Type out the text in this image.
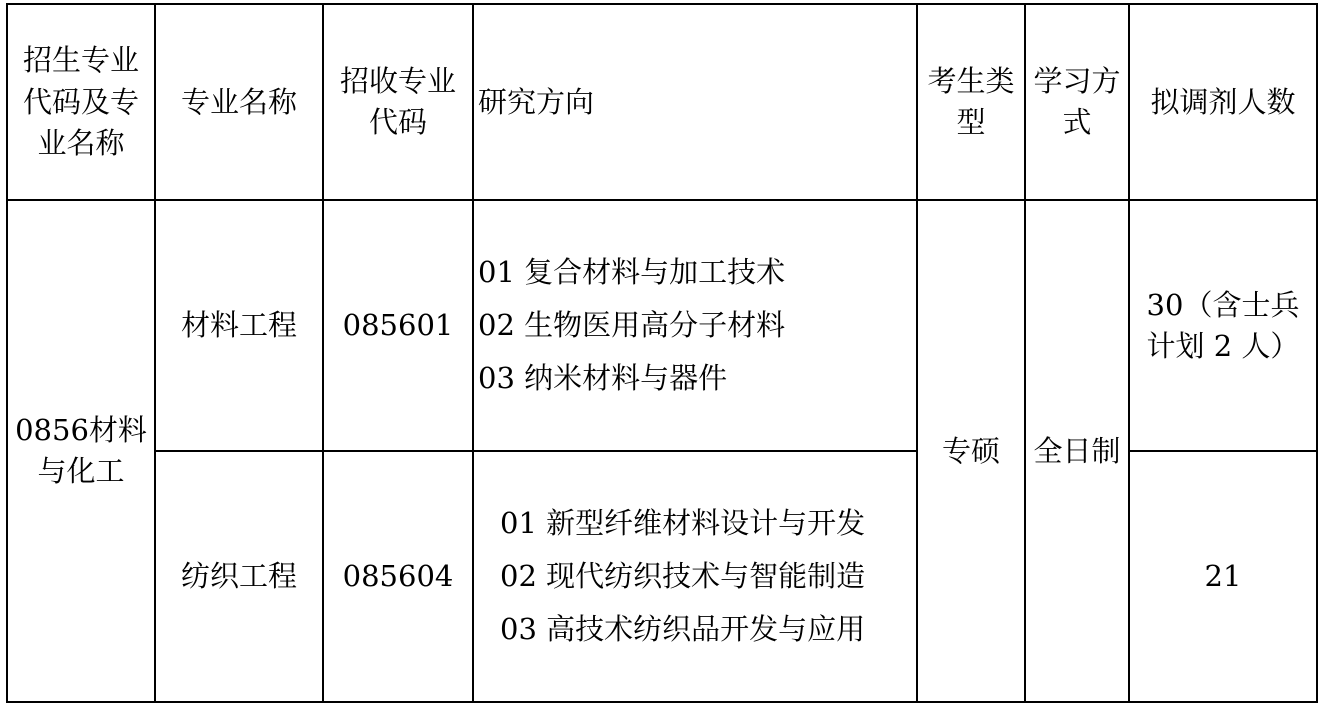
招生专业代码及专业名称	专业名称	招收专业代码	研究方向	考生类型	学习方式	拟调剂人数
0856材料与化工	材料工程	085601	01 复合材料与加工技术

02 生物医用高分子材料

03 纳米材料与器件	专硕	全日制	30（含士兵计划 2 人）
	纺织工程	085604	01 新型纤维材料设计与开发

02 现代纺织技术与智能制造

03 高技术纺织品开发与应用			21
